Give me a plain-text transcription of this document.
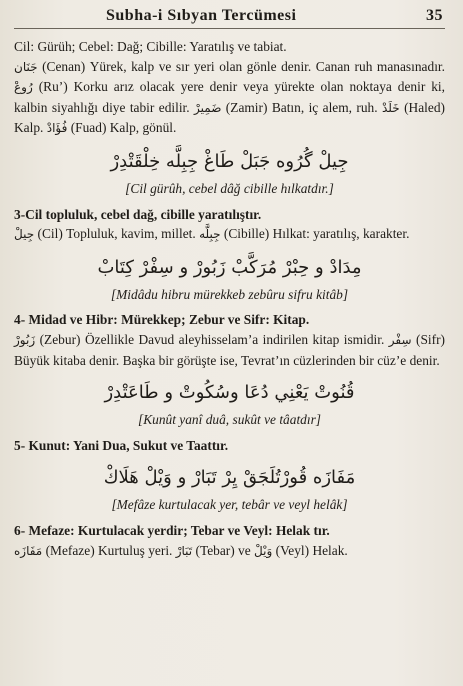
Subha-i Sıbyan Tercümesi	35

Cil: Gürüh; Cebel: Dağ; Cibille: Yaratılış ve tabiat.

جَنَان (Cenan) Yürek, kalp ve sır yeri olan gönle denir. Canan ruh manasınadır. رُوعْ (Ru’) Korku arız olacak yere denir veya yürekte olan noktaya denir ki, kalbin siyahlığı diye tabir edilir. ضَمِيرْ (Zamir) Batın, iç alem, ruh. خَلَدْ (Haled) Kalp. فُؤَادْ (Fuad) Kalp, gönül.

جِيلْ گُرُوه جَبَلْ طَاغْ جِبِلَّه خِلْقَتْدِرْ
[Cil gürûh, cebel dâğ cibille hılkatdır.]

3-Cil topluluk, cebel dağ, cibille yaratılıştır.

جِيلْ (Cil) Topluluk, kavim, millet. جِبِلَّه (Cibille) Hılkat: yaratılış, karakter.

مِدَادْ و حِبْرْ مُرَكَّبْ زَبُورْ و سِفْرْ كِتَابْ
[Midâdu hibru mürekkeb zebûru sifru kitâb]

4- Midad ve Hibr: Mürekkep; Zebur ve Sifr: Kitap.

زَبُورْ (Zebur) Özellikle Davud aleyhisselam’a indirilen kitap ismidir. سِفْر (Sifr) Büyük kitaba denir. Başka bir görüşte ise, Tevrat’ın cüzlerinden bir cüz’e denir.

قُنُوتْ يَعْنِي دُعَا وسُكُوتْ و طَاعَتْدِرْ
[Kunût yanî duâ, sukût ve tâatdır]

5- Kunut: Yani Dua, Sukut ve Taattır.

مَفَازَه قُورْتُلَجَقْ يِرْ تَبَارْ و وَيْلْ هَلَاكْ
[Mefâze kurtulacak yer, tebâr ve veyl helâk]

6- Mefaze: Kurtulacak yerdir; Tebar ve Veyl: Helak tır.

مَفَازَه (Mefaze) Kurtuluş yeri. تَبَارْ (Tebar) ve وَيْلْ (Veyl) Helak.
